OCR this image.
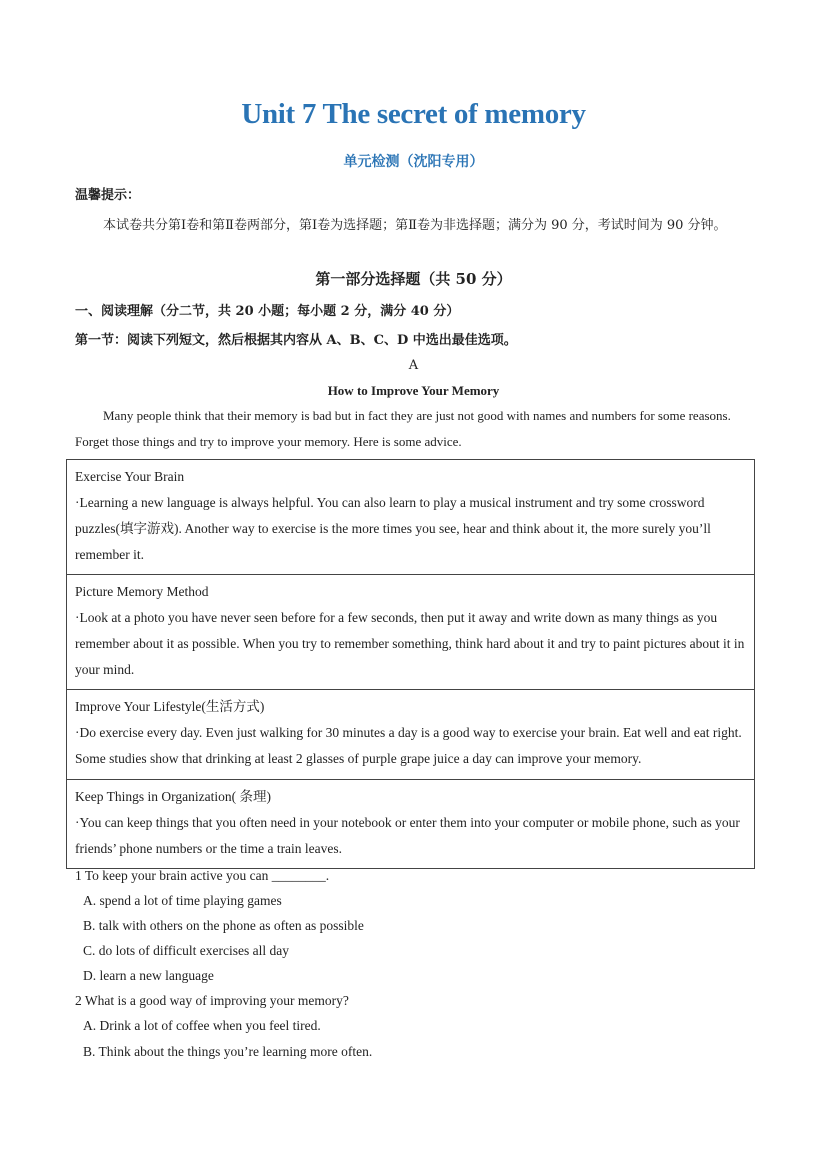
Unit 7 The secret of memory
单元检测（沈阳专用）
温馨提示：

本试卷共分第Ⅰ卷和第Ⅱ卷两部分，第Ⅰ卷为选择题；第Ⅱ卷为非选择题；满分为 90 分，考试时间为 90 分钟。

第一部分选择题（共 50 分）
一、阅读理解（分二节，共 20 小题；每小题 2 分，满分 40 分）
第一节：阅读下列短文，然后根据其内容从 A、B、C、D 中选出最佳选项。
A
How to Improve Your Memory

Many people think that their memory is bad but in fact they are just not good with names and numbers for some reasons. Forget those things and try to improve your memory. Here is some advice.

Exercise Your Brain
·Learning a new language is always helpful. You can also learn to play a musical instrument and try some crossword puzzles(填字游戏). Another way to exercise is the more times you see, hear and think about it, the more surely you’ll remember it.

Picture Memory Method
·Look at a photo you have never seen before for a few seconds, then put it away and write down as many things as you remember about it as possible. When you try to remember something, think hard about it and try to paint pictures about it in your mind.

Improve Your Lifestyle(生活方式)
·Do exercise every day. Even just walking for 30 minutes a day is a good way to exercise your brain. Eat well and eat right. Some studies show that drinking at least 2 glasses of purple grape juice a day can improve your memory.

Keep Things in Organization( 条理)
·You can keep things that you often need in your notebook or enter them into your computer or mobile phone, such as your friends’ phone numbers or the time a train leaves.
1 To keep your brain active you can ________.
A. spend a lot of time playing games
B. talk with others on the phone as often as possible
C. do lots of difficult exercises all day
D. learn a new language
2 What is a good way of improving your memory?
A. Drink a lot of coffee when you feel tired.
B. Think about the things you’re learning more often.
